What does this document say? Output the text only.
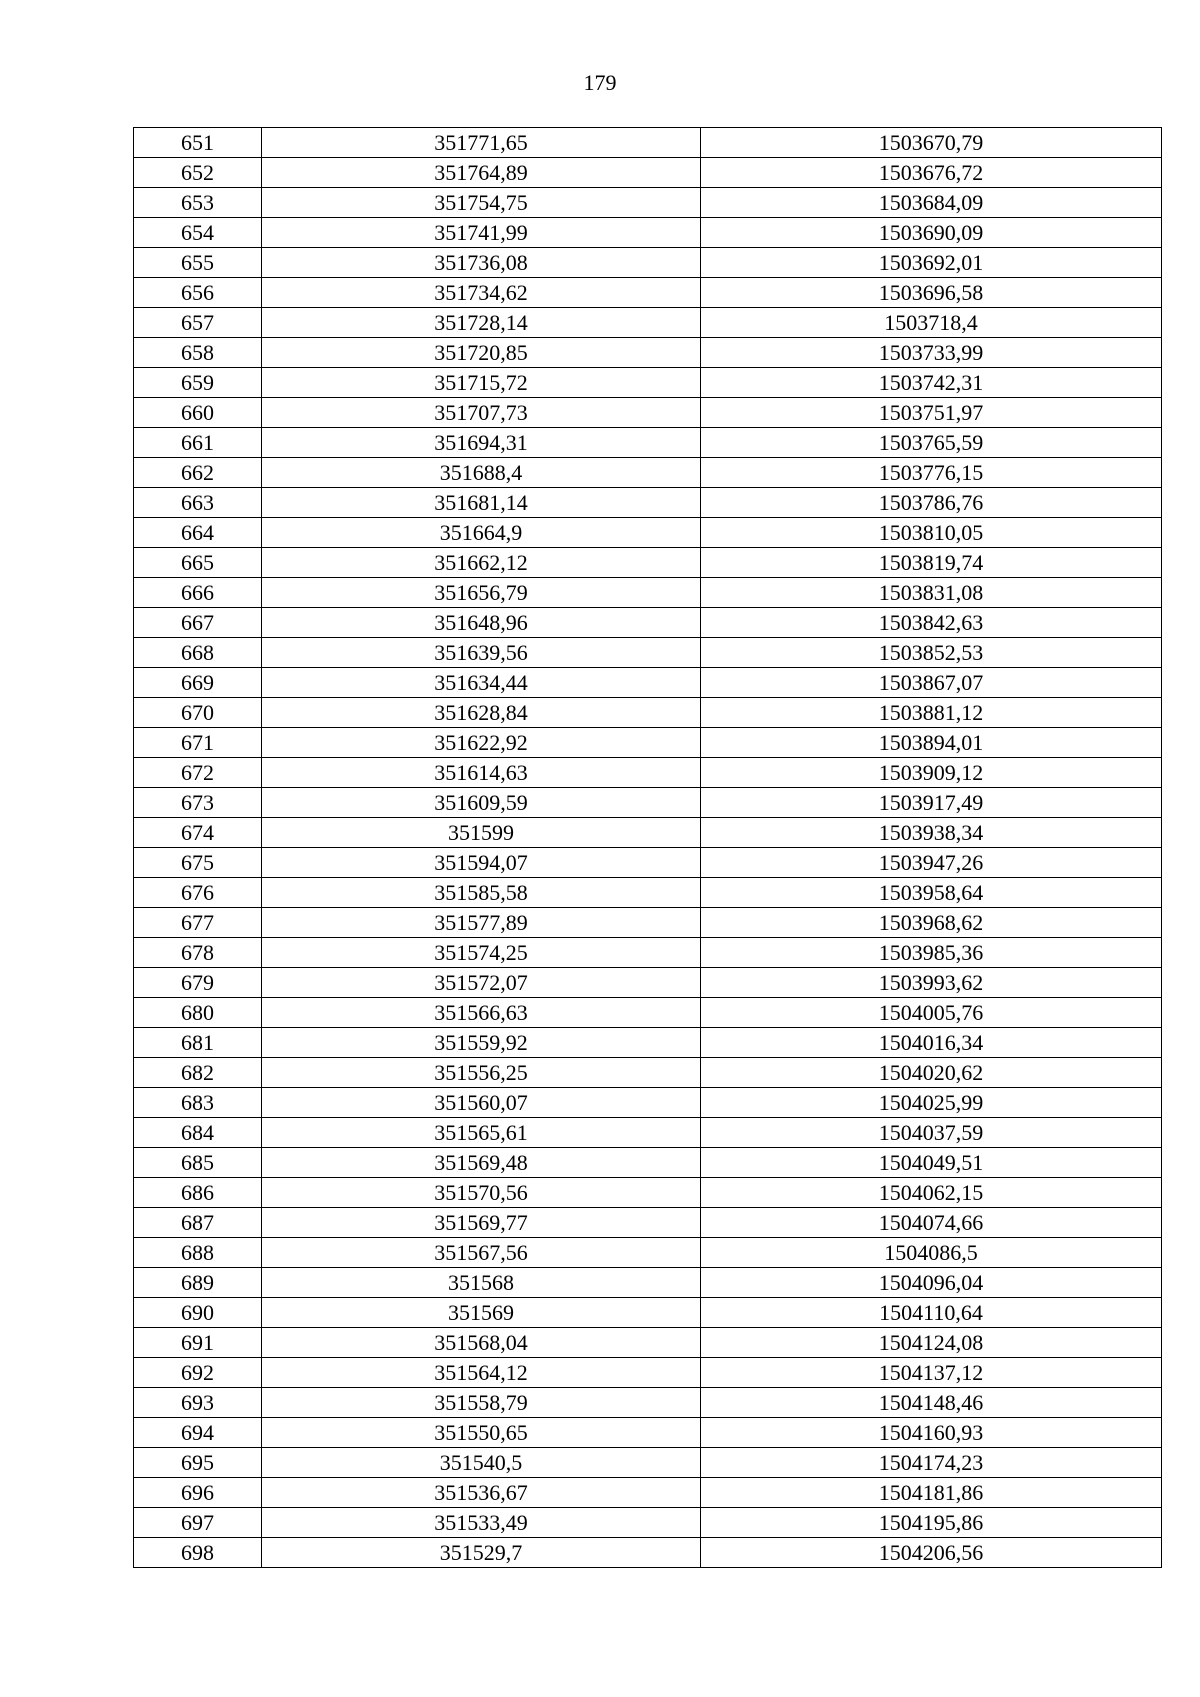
179
651	351771,65	1503670,79
652	351764,89	1503676,72
653	351754,75	1503684,09
654	351741,99	1503690,09
655	351736,08	1503692,01
656	351734,62	1503696,58
657	351728,14	1503718,4
658	351720,85	1503733,99
659	351715,72	1503742,31
660	351707,73	1503751,97
661	351694,31	1503765,59
662	351688,4	1503776,15
663	351681,14	1503786,76
664	351664,9	1503810,05
665	351662,12	1503819,74
666	351656,79	1503831,08
667	351648,96	1503842,63
668	351639,56	1503852,53
669	351634,44	1503867,07
670	351628,84	1503881,12
671	351622,92	1503894,01
672	351614,63	1503909,12
673	351609,59	1503917,49
674	351599	1503938,34
675	351594,07	1503947,26
676	351585,58	1503958,64
677	351577,89	1503968,62
678	351574,25	1503985,36
679	351572,07	1503993,62
680	351566,63	1504005,76
681	351559,92	1504016,34
682	351556,25	1504020,62
683	351560,07	1504025,99
684	351565,61	1504037,59
685	351569,48	1504049,51
686	351570,56	1504062,15
687	351569,77	1504074,66
688	351567,56	1504086,5
689	351568	1504096,04
690	351569	1504110,64
691	351568,04	1504124,08
692	351564,12	1504137,12
693	351558,79	1504148,46
694	351550,65	1504160,93
695	351540,5	1504174,23
696	351536,67	1504181,86
697	351533,49	1504195,86
698	351529,7	1504206,56
